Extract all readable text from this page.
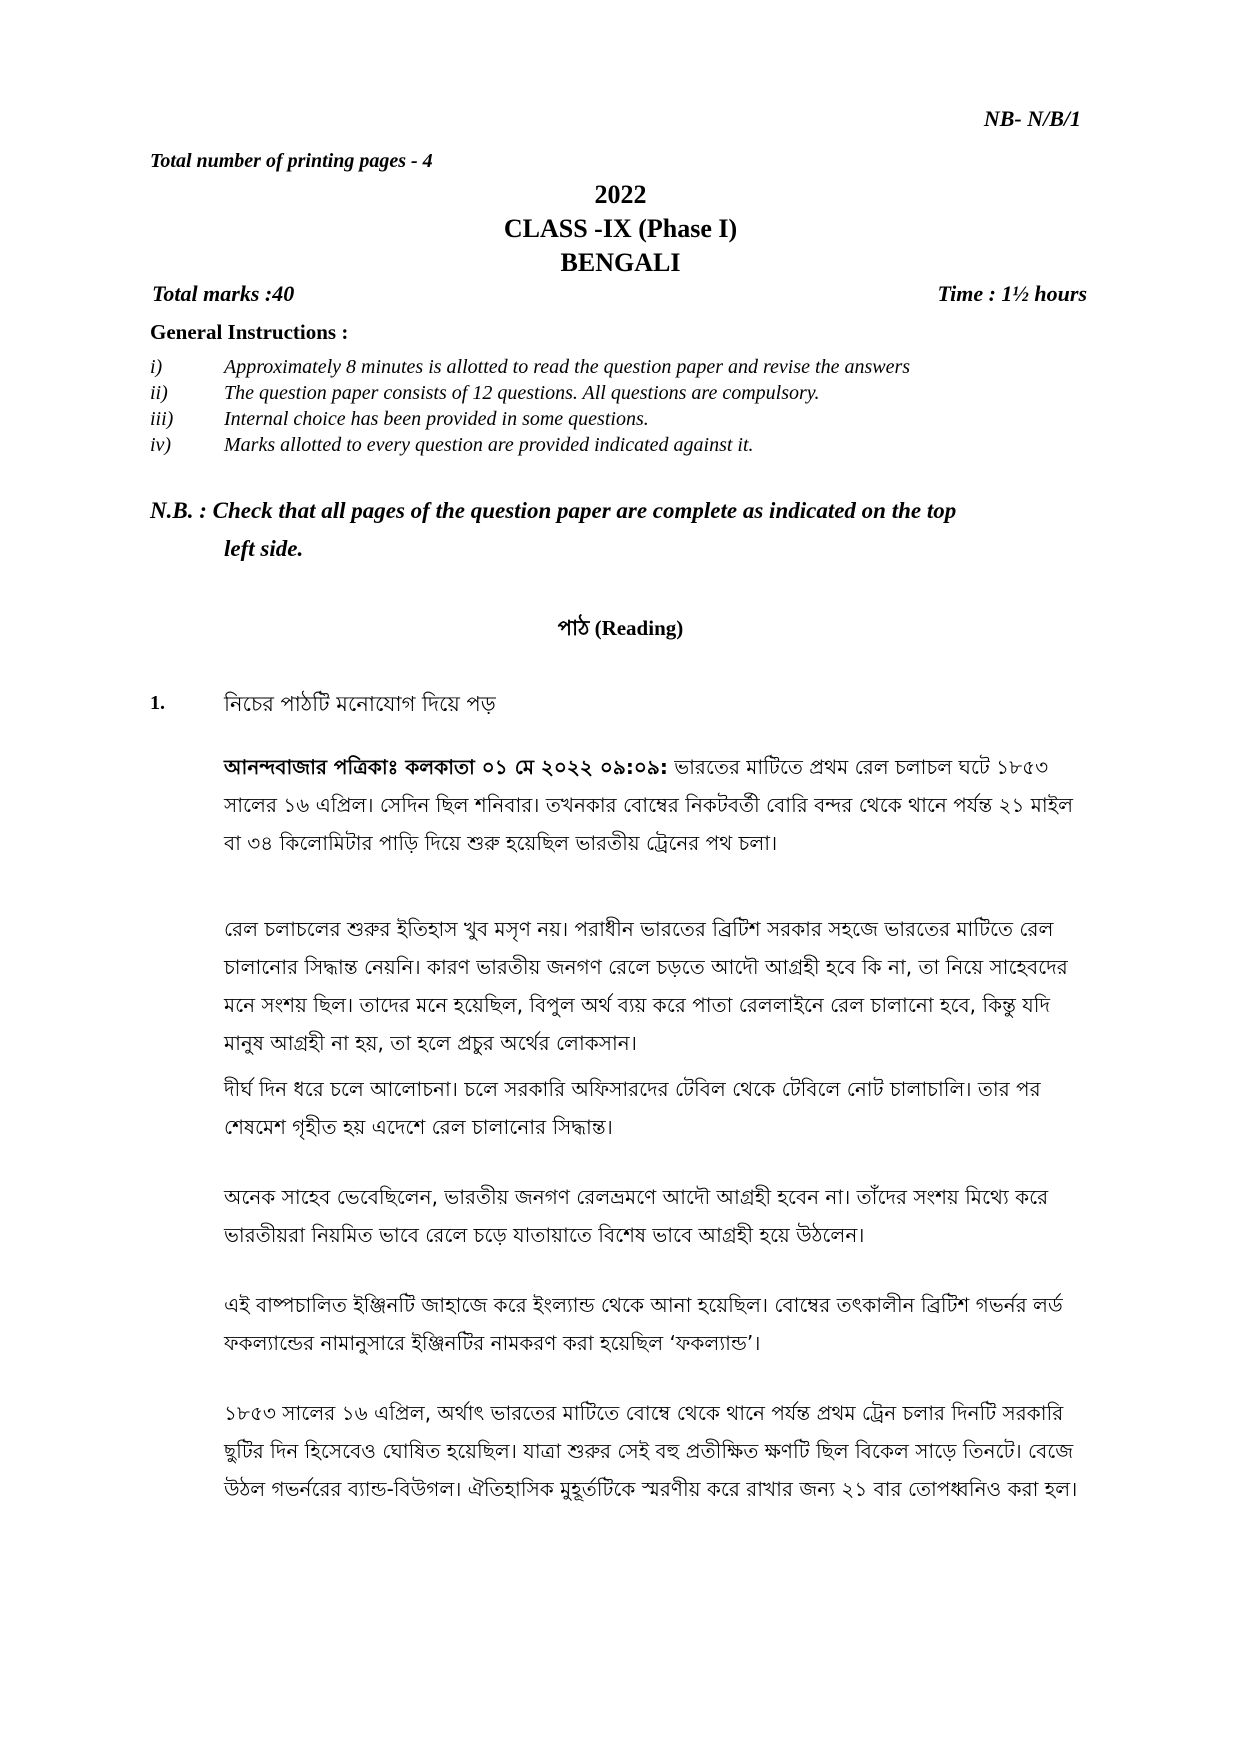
NB- N/B/1
Total number of printing pages - 4
2022
CLASS -IX (Phase I)
BENGALI
Total marks :40	Time : 1½ hours
General Instructions :
i)	Approximately 8 minutes is allotted to read the question paper and revise the answers
ii)	The question paper consists of 12 questions. All questions are compulsory.
iii)	Internal choice has been provided in some questions.
iv)	Marks allotted to every question are provided indicated against it.
N.B. : Check that all pages of the question paper are complete as indicated on the top
left side.
পাঠ (Reading)
1.	নিচের পাঠটি মনোযোগ দিয়ে পড়

আনন্দবাজার পত্রিকাঃ কলকাতা ০১ মে ২০২২ ০৯:০৯: ভারতের মাটিতে প্রথম রেল চলাচল ঘটে ১৮৫৩ সালের ১৬ এপ্রিল। সেদিন ছিল শনিবার। তখনকার বোম্বের নিকটবর্তী বোরি বন্দর থেকে থানে পর্যন্ত ২১ মাইল বা ৩৪ কিলোমিটার পাড়ি দিয়ে শুরু হয়েছিল ভারতীয় ট্রেনের পথ চলা।

রেল চলাচলের শুরুর ইতিহাস খুব মসৃণ নয়। পরাধীন ভারতের ব্রিটিশ সরকার সহজে ভারতের মাটিতে রেল চালানোর সিদ্ধান্ত নেয়নি। কারণ ভারতীয় জনগণ রেলে চড়তে আদৌ আগ্রহী হবে কি না, তা নিয়ে সাহেবদের মনে সংশয় ছিল। তাদের মনে হয়েছিল, বিপুল অর্থ ব্যয় করে পাতা রেললাইনে রেল চালানো হবে, কিন্তু যদি মানুষ আগ্রহী না হয়, তা হলে প্রচুর অর্থের লোকসান।

দীর্ঘ দিন ধরে চলে আলোচনা। চলে সরকারি অফিসারদের টেবিল থেকে টেবিলে নোট চালাচালি। তার পর শেষমেশ গৃহীত হয় এদেশে রেল চালানোর সিদ্ধান্ত।

অনেক সাহেব ভেবেছিলেন, ভারতীয় জনগণ রেলভ্রমণে আদৌ আগ্রহী হবেন না। তাঁদের সংশয় মিথ্যে করে ভারতীয়রা নিয়মিত ভাবে রেলে চড়ে যাতায়াতে বিশেষ ভাবে আগ্রহী হয়ে উঠলেন।

এই বাষ্পচালিত ইঞ্জিনটি জাহাজে করে ইংল্যান্ড থেকে আনা হয়েছিল। বোম্বের তৎকালীন ব্রিটিশ গভর্নর লর্ড ফকল্যান্ডের নামানুসারে ইঞ্জিনটির নামকরণ করা হয়েছিল ‘ফকল্যান্ড’।

১৮৫৩ সালের ১৬ এপ্রিল, অর্থাৎ ভারতের মাটিতে বোম্বে থেকে থানে পর্যন্ত প্রথম ট্রেন চলার দিনটি সরকারি ছুটির দিন হিসেবেও ঘোষিত হয়েছিল। যাত্রা শুরুর সেই বহু প্রতীক্ষিত ক্ষণটি ছিল বিকেল সাড়ে তিনটে। বেজে উঠল গভর্নরের ব্যান্ড-বিউগল। ঐতিহাসিক মুহূর্তটিকে স্মরণীয় করে রাখার জন্য ২১ বার তোপধ্বনিও করা হল।
